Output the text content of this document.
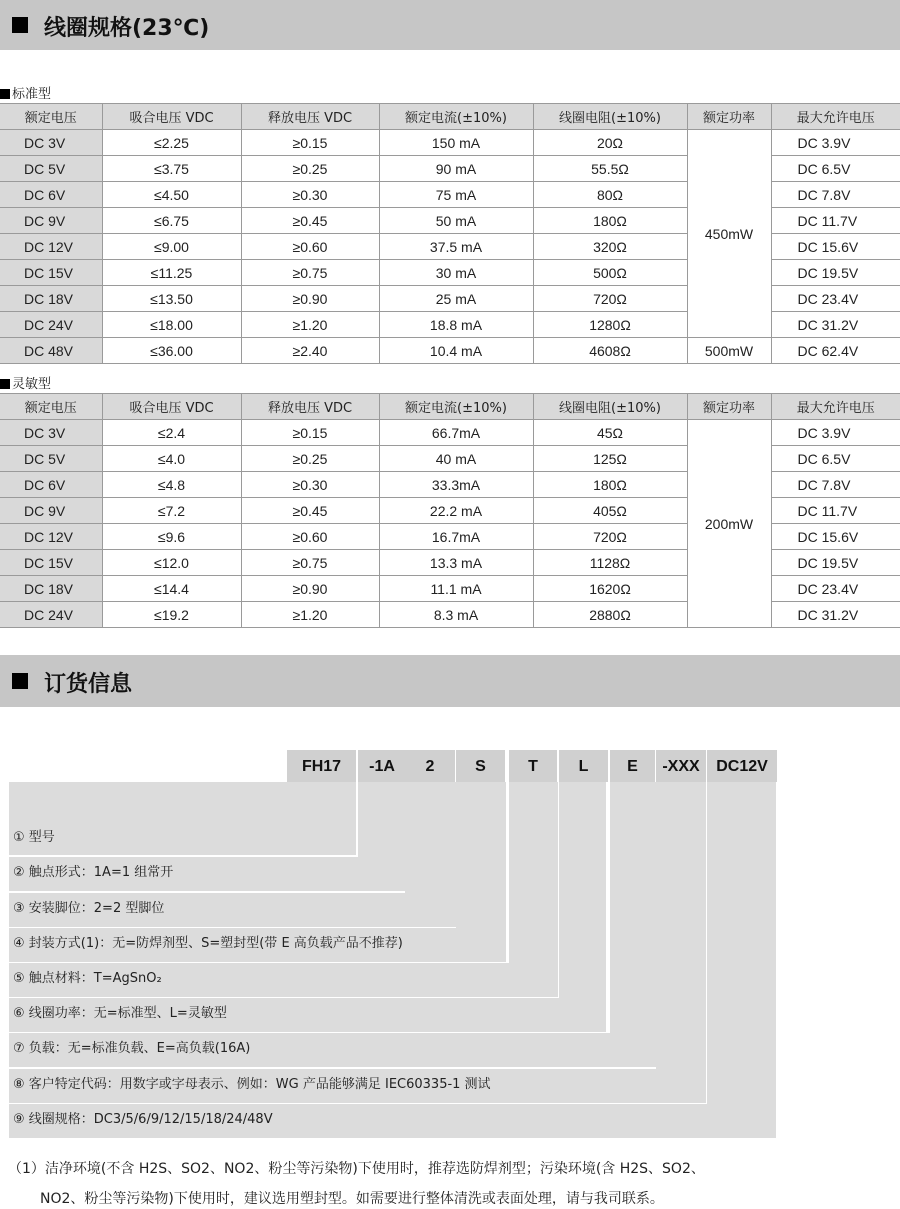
线圈规格(23℃)
标准型
额定电压	吸合电压 VDC	释放电压 VDC	额定电流(±10%)	线圈电阻(±10%)	额定功率	最大允许电压
DC 3V	≤2.25	≥0.15	150 mA	20Ω	450mW	DC 3.9V
DC 5V	≤3.75	≥0.25	90 mA	55.5Ω		DC 6.5V
DC 6V	≤4.50	≥0.30	75 mA	80Ω		DC 7.8V
DC 9V	≤6.75	≥0.45	50 mA	180Ω		DC 11.7V
DC 12V	≤9.00	≥0.60	37.5 mA	320Ω		DC 15.6V
DC 15V	≤11.25	≥0.75	30 mA	500Ω		DC 19.5V
DC 18V	≤13.50	≥0.90	25 mA	720Ω		DC 23.4V
DC 24V	≤18.00	≥1.20	18.8 mA	1280Ω		DC 31.2V
DC 48V	≤36.00	≥2.40	10.4 mA	4608Ω	500mW	DC 62.4V
灵敏型
额定电压	吸合电压 VDC	释放电压 VDC	额定电流(±10%)	线圈电阻(±10%)	额定功率	最大允许电压
DC 3V	≤2.4	≥0.15	66.7mA	45Ω	200mW	DC 3.9V
DC 5V	≤4.0	≥0.25	40 mA	125Ω		DC 6.5V
DC 6V	≤4.8	≥0.30	33.3mA	180Ω		DC 7.8V
DC 9V	≤7.2	≥0.45	22.2 mA	405Ω		DC 11.7V
DC 12V	≤9.6	≥0.60	16.7mA	720Ω		DC 15.6V
DC 15V	≤12.0	≥0.75	13.3 mA	1128Ω		DC 19.5V
DC 18V	≤14.4	≥0.90	11.1 mA	1620Ω		DC 23.4V
DC 24V	≤19.2	≥1.20	8.3 mA	2880Ω		DC 31.2V
订货信息
FH17	-1A	2	S	T	L	E	-XXX	DC12V
① 型号
② 触点形式：1A=1 组常开
③ 安装脚位：2=2 型脚位
④ 封装方式(1)：无=防焊剂型、S=塑封型(带 E 高负载产品不推荐)
⑤ 触点材料：T=AgSnO₂
⑥ 线圈功率：无=标准型、L=灵敏型
⑦ 负载：无=标准负载、E=高负载(16A)
⑧ 客户特定代码：用数字或字母表示、例如：WG 产品能够满足 IEC60335-1 测试
⑨ 线圈规格：DC3/5/6/9/12/15/18/24/48V
（1）洁净环境(不含 H2S、SO2、NO2、粉尘等污染物)下使用时，推荐选防焊剂型；污染环境(含 H2S、SO2、
NO2、粉尘等污染物)下使用时，建议选用塑封型。如需要进行整体清洗或表面处理，请与我司联系。
